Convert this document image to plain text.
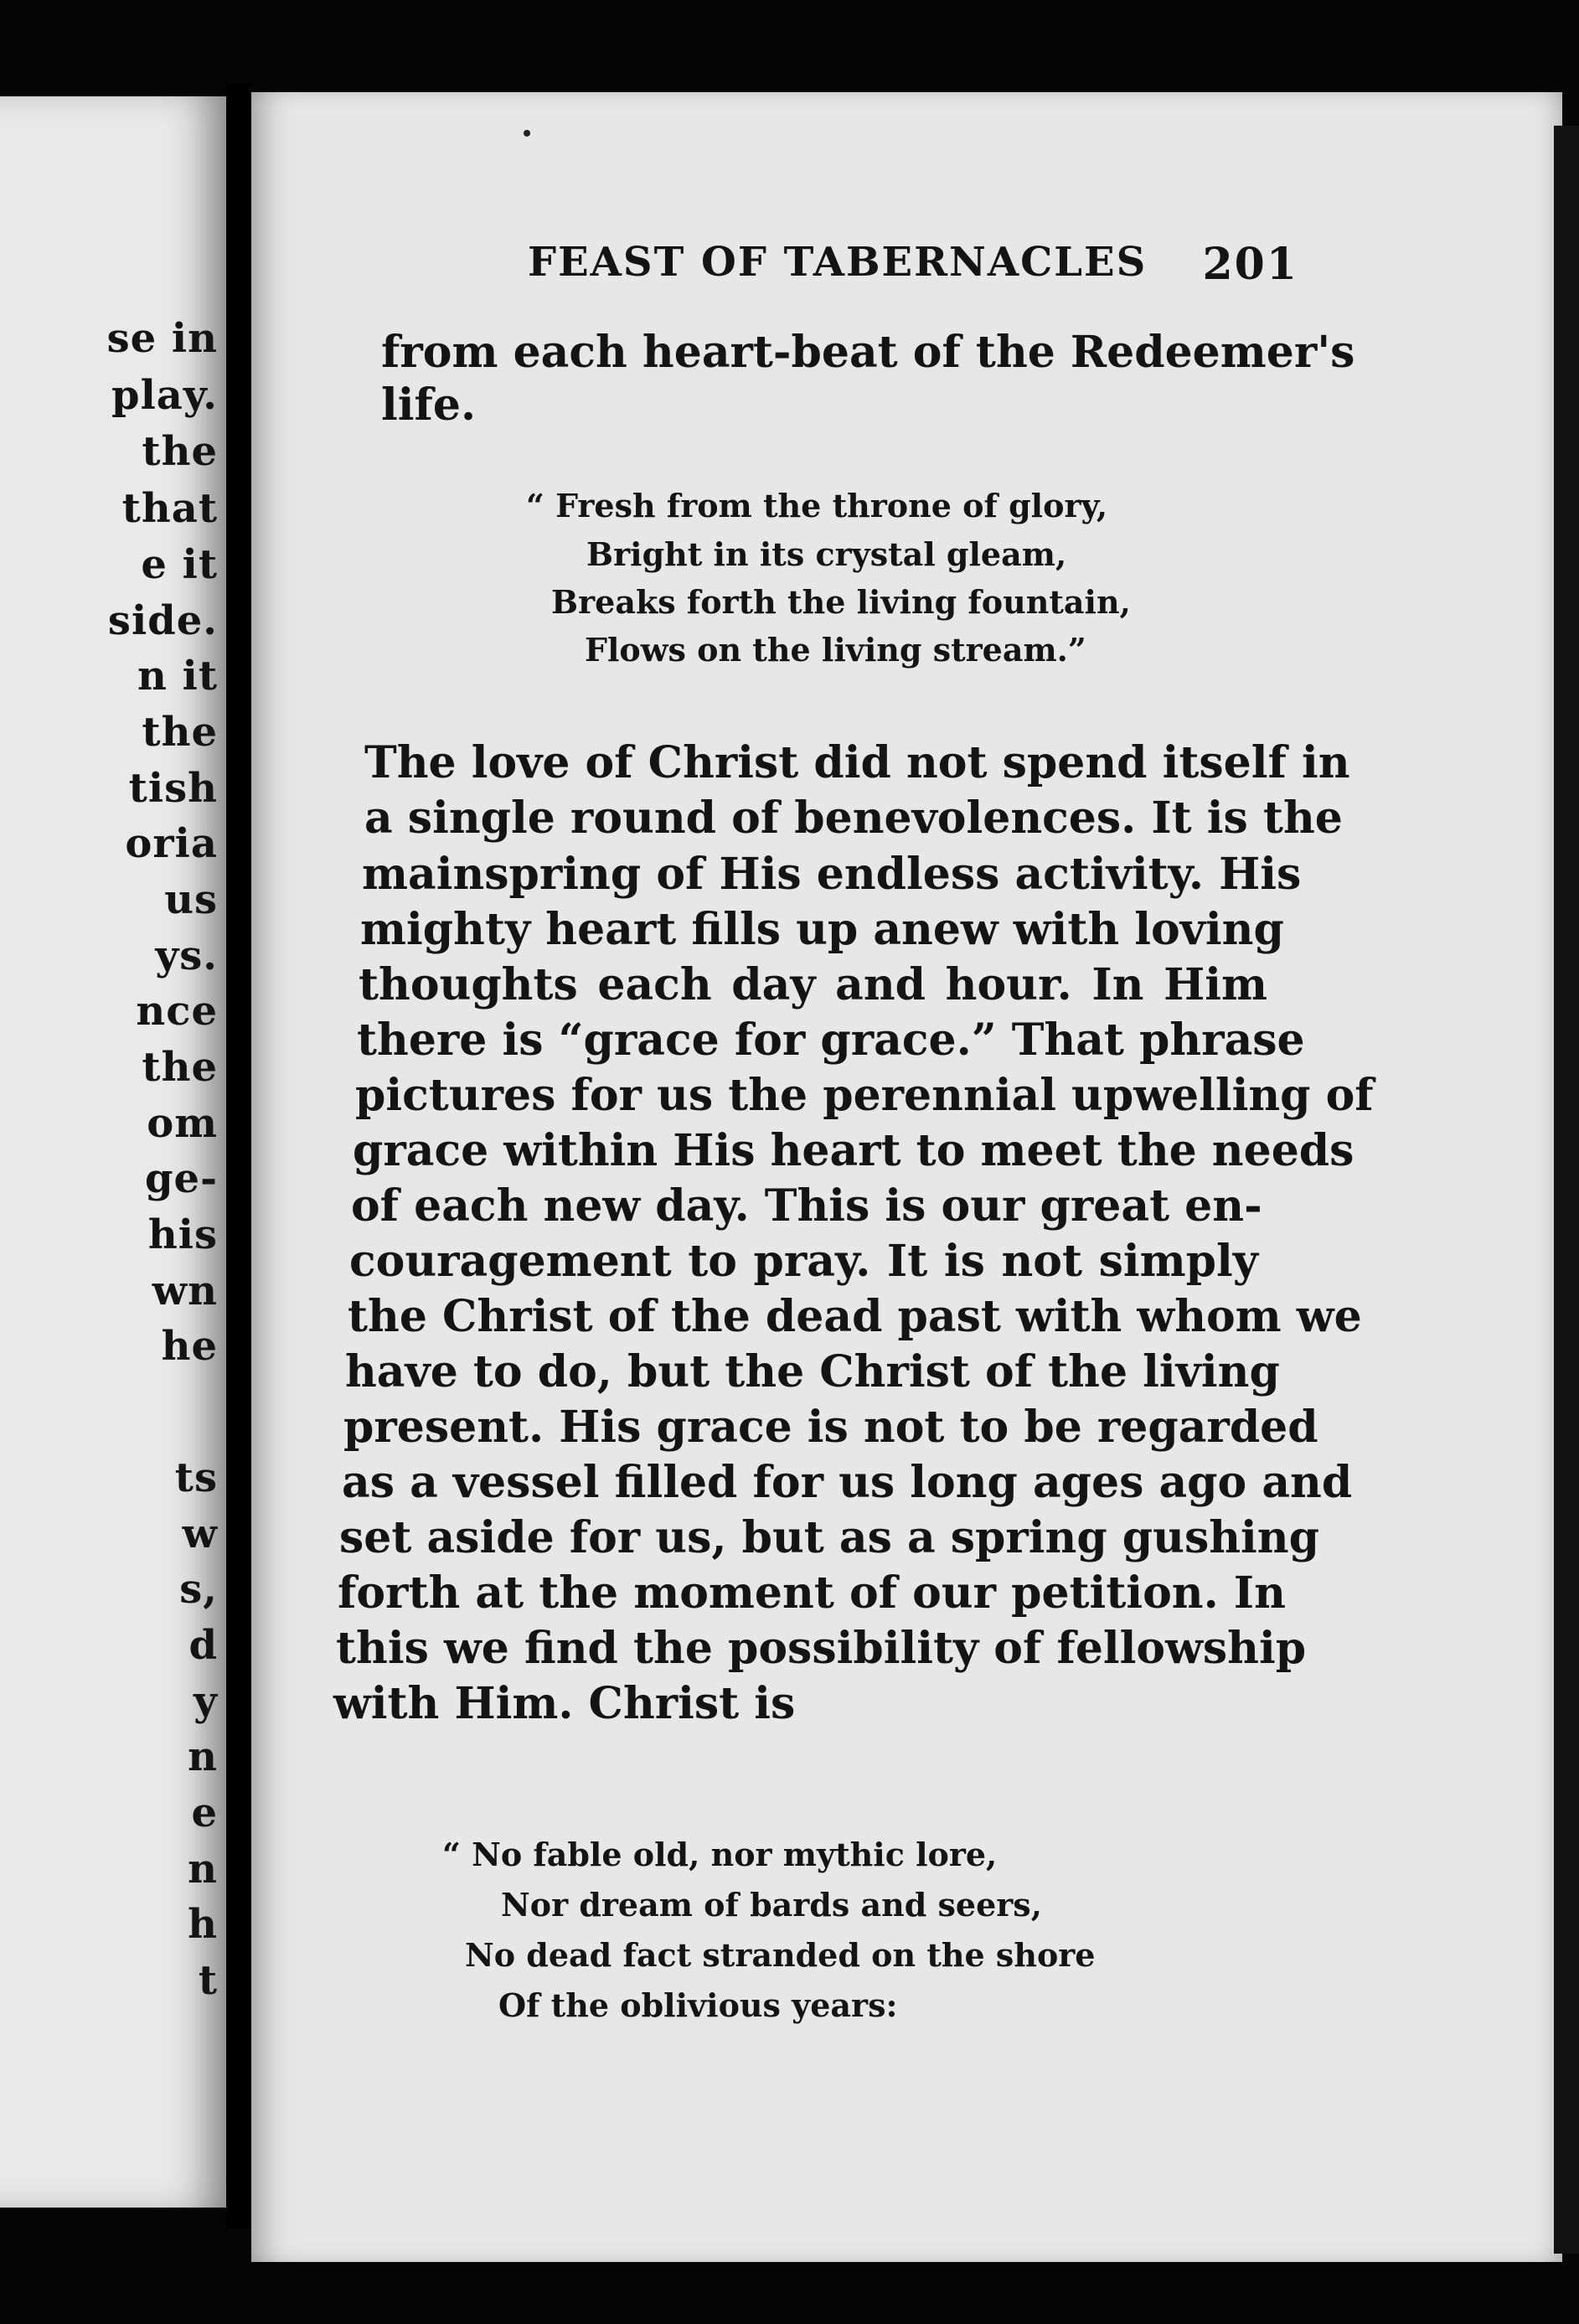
se in
play.
the
that
e it
side.
n it
the
tish
oria
us
ys.
nce
the
om
ge-
his
wn
he
ts
w
s,
d
y
n
e
n
h
t
FEAST OF TABERNACLES 201
from each heart-beat of the Redeemer's
life.
“ Fresh from the throne of glory,
Bright in its crystal gleam,
Breaks forth the living fountain,
Flows on the living stream.”
The love of Christ did not spend itself in
a single round of benevolences. It is the
mainspring of His endless activity. His
mighty heart fills up anew with loving
thoughts each day and hour. In Him
there is “grace for grace.” That phrase
pictures for us the perennial upwelling of
grace within His heart to meet the needs
of each new day. This is our great en-
couragement to pray. It is not simply
the Christ of the dead past with whom we
have to do, but the Christ of the living
present. His grace is not to be regarded
as a vessel filled for us long ages ago and
set aside for us, but as a spring gushing
forth at the moment of our petition. In
this we find the possibility of fellowship
with Him. Christ is
“ No fable old, nor mythic lore,
Nor dream of bards and seers,
No dead fact stranded on the shore
Of the oblivious years:
